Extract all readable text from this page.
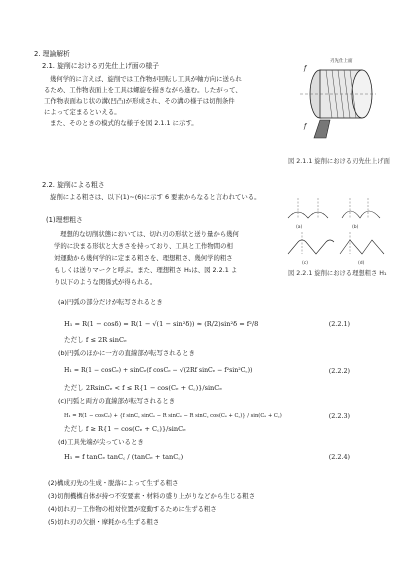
2. 理論解析
2.1. 旋削における刃先仕上げ面の様子
幾何学的に言えば、旋削では工作物が回転し工具が軸方向に送られ
るため、工作物表面上を工具は螺旋を描きながら進む。したがって、
工作物表面ねじ状の溝(凹凸)が形成され、その溝の様子は切削条件
によって定まるといえる。
また、そのときの模式的な様子を図 2.1.1 に示す。
f
f
刃先仕上面
図 2.1.1 旋削における刃先仕上げ面
2.2. 旋削による粗さ
旋削による粗さは、以下(1)~(6)に示す 6 要素からなると言われている。
(1)理想粗さ
理想的な切削状態においては、切れ刃の形状と送り量から幾何
学的に決まる形状と大きさを持っており、工具と工作物間の相
対運動から幾何学的に定まる粗さを、理想粗さ、幾何学的粗さ
もしくは送りマークと呼ぶ。また、理想粗さ H₁は、図 2.2.1 よ
り以下のような関係式が得られる。
(a)	(b)
(c)	(d)
図 2.2.1 旋削における理想粗さ H₁
(a)円弧の部分だけが転写されるとき
H₁ = R(1 − cosδ) = R(1 − √(1 − sin²δ)) ≈ (R/2)sin²δ = f²/8	(2.2.1)
ただし f ≤ 2R sinCₑ
(b)円弧のほかに一方の直線部が転写されるとき
H₁ = R(1 − cosCₑ) + sinCₑ(f cosCₑ − √(2Rf sinCₑ − f²sin²C꜀))	(2.2.2)
ただし 2RsinCₑ < f ≤ R{1 − cos(Cₑ + C꜀)}/sinCₑ
(c)円弧と両方の直線部が転写されるとき
H₁ = R(1 − cosCₑ) + {f sinC꜀ sinCₑ − R sinCₑ − R sinC꜀ cos(Cₑ + C꜀)} / sin(Cₑ + C꜀)	(2.2.3)
ただし f ≥ R{1 − cos(Cₑ + C꜀)}/sinCₑ
(d)工具先端が尖っているとき
H₁ = f tanCₑ tanC꜀ / (tanCₑ + tanC꜀)	(2.2.4)
(2)構成刃先の生成・脱落によって生ずる粗さ
(3)切削機構自体が持つ不安要素・材料の盛り上がりなどから生じる粗さ
(4)切れ刃－工作物の相対位置が変動するために生ずる粗さ
(5)切れ刃の欠損・摩耗から生ずる粗さ
